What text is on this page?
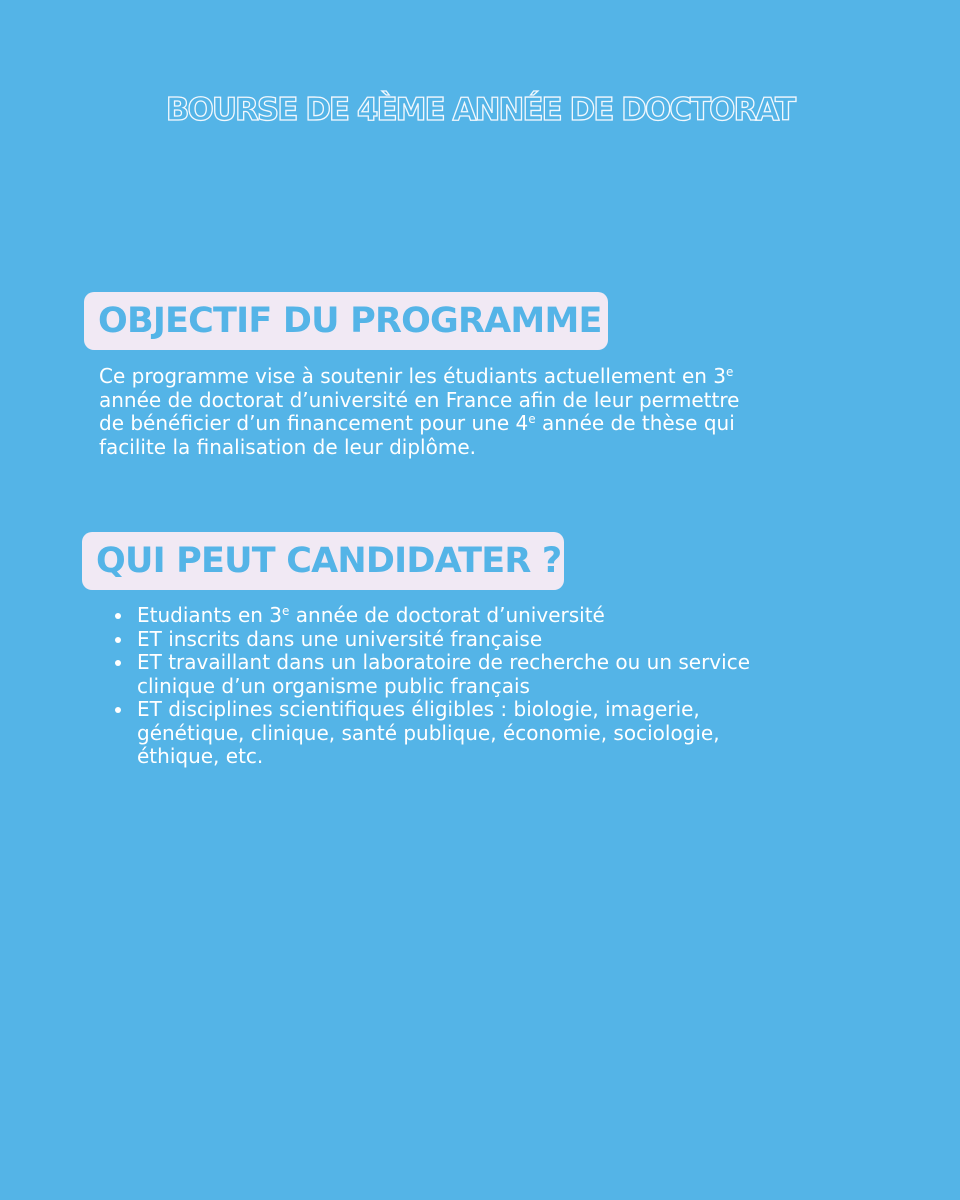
BOURSE DE 4ÈME ANNÉE DE DOCTORAT
OBJECTIF DU PROGRAMME

Ce programme vise à soutenir les étudiants actuellement en 3e
année de doctorat d’université en France afin de leur permettre
de bénéficier d’un financement pour une 4e année de thèse qui
facilite la finalisation de leur diplôme.

QUI PEUT CANDIDATER ?
Etudiants en 3e année de doctorat d’université
ET inscrits dans une université française
ET travaillant dans un laboratoire de recherche ou un service
clinique d’un organisme public français
ET disciplines scientifiques éligibles : biologie, imagerie,
génétique, clinique, santé publique, économie, sociologie,
éthique, etc.
